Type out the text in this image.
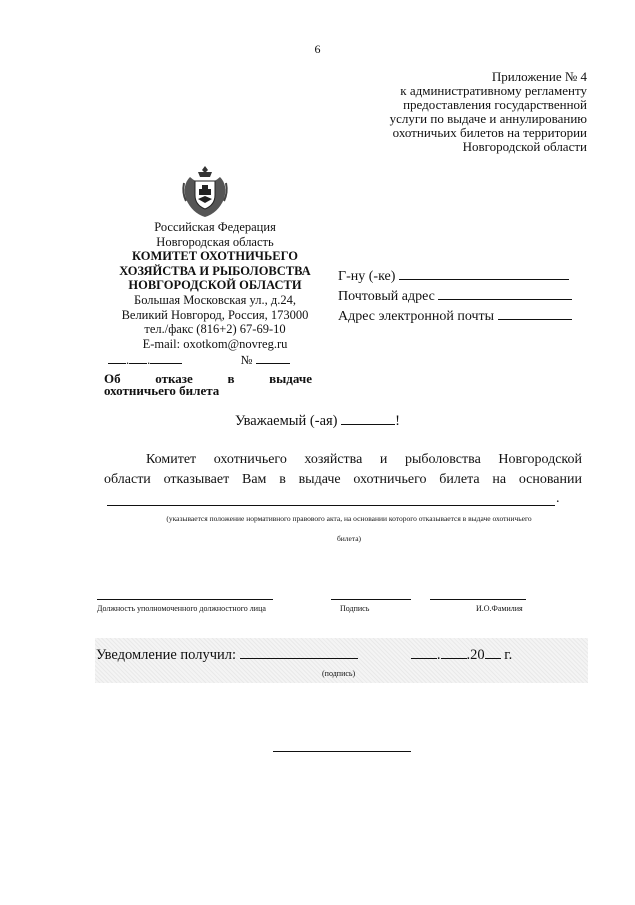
6
Приложение № 4
к административному регламенту
предоставления государственной
услуги по выдаче и аннулированию
охотничьих билетов на территории
Новгородской области
Российская Федерация
Новгородская область
КОМИТЕТ ОХОТНИЧЬЕГО
ХОЗЯЙСТВА И РЫБОЛОВСТВА
НОВГОРОДСКОЙ ОБЛАСТИ
Большая Московская ул., д.24,
Великий Новгород, Россия, 173000
тел./факс (816+2) 67-69-10
E-mail: oxotkom@novreg.ru
. .	№
Г-ну (-ке)
Почтовый адрес
Адрес электронной почты
Об	отказе	в	выдаче
охотничьего билета
Уважаемый (-ая)	!
Комитет охотничьего хозяйства и рыболовства Новгородской
области отказывает Вам в выдаче охотничьего билета на основании
.
(указывается положение нормативного правового акта, на основании которого отказывается в выдаче охотничьего
билета)
Должность уполномоченного должностного лица	Подпись	И.О.Фамилия
Уведомление получил:	. .20 г.
(подпись)
